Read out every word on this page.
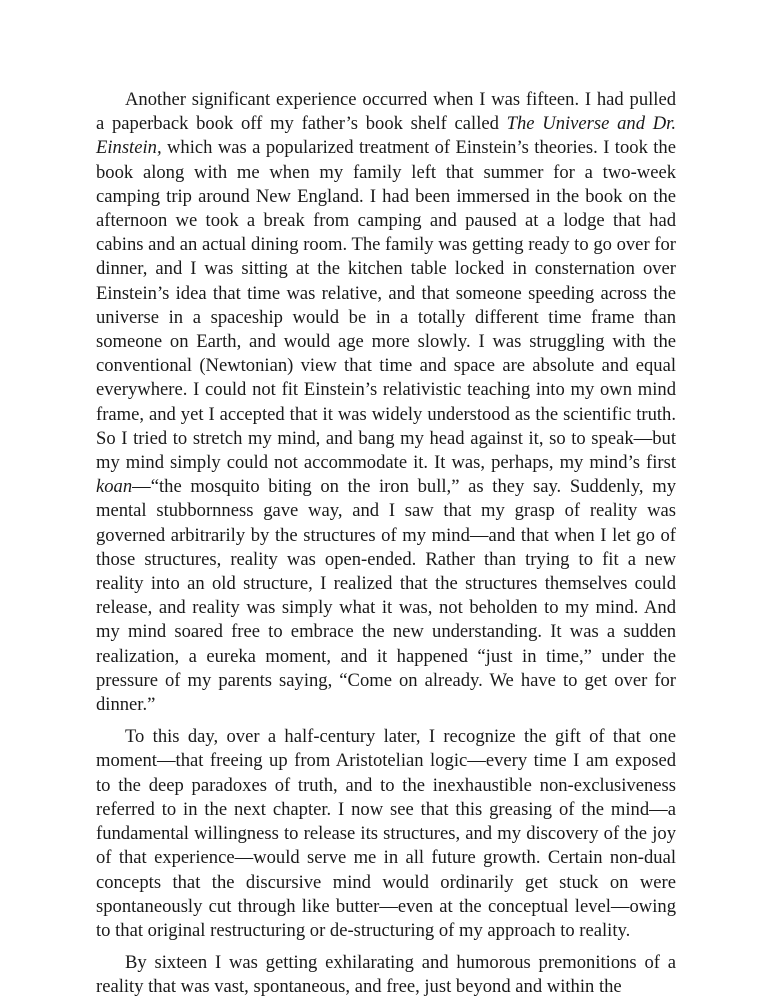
Another significant experience occurred when I was fifteen. I had pulled a paperback book off my father’s book shelf called The Universe and Dr. Einstein, which was a popularized treatment of Einstein’s theories. I took the book along with me when my family left that summer for a two-week camping trip around New England. I had been immersed in the book on the afternoon we took a break from camping and paused at a lodge that had cabins and an actual dining room. The family was getting ready to go over for dinner, and I was sitting at the kitchen table locked in consternation over Einstein’s idea that time was relative, and that someone speeding across the universe in a spaceship would be in a totally different time frame than someone on Earth, and would age more slowly. I was struggling with the conventional (Newtonian) view that time and space are absolute and equal everywhere. I could not fit Einstein’s relativistic teaching into my own mind frame, and yet I accepted that it was widely understood as the scientific truth. So I tried to stretch my mind, and bang my head against it, so to speak—but my mind simply could not accommodate it. It was, perhaps, my mind’s first koan—“the mosquito biting on the iron bull,” as they say. Suddenly, my mental stubbornness gave way, and I saw that my grasp of reality was governed arbitrarily by the structures of my mind—and that when I let go of those structures, reality was open-ended. Rather than trying to fit a new reality into an old structure, I realized that the structures themselves could release, and reality was simply what it was, not beholden to my mind. And my mind soared free to embrace the new understanding. It was a sudden realization, a eureka moment, and it happened “just in time,” under the pressure of my parents saying, “Come on already. We have to get over for dinner.”

To this day, over a half-century later, I recognize the gift of that one moment—that freeing up from Aristotelian logic—every time I am exposed to the deep paradoxes of truth, and to the inexhaustible non-exclusiveness referred to in the next chapter. I now see that this greasing of the mind—a fundamental willingness to release its structures, and my discovery of the joy of that experience—would serve me in all future growth. Certain non-dual concepts that the discursive mind would ordinarily get stuck on were spontaneously cut through like butter—even at the conceptual level—owing to that original restructuring or de-structuring of my approach to reality.

By sixteen I was getting exhilarating and humorous premonitions of a reality that was vast, spontaneous, and free, just beyond and within the
